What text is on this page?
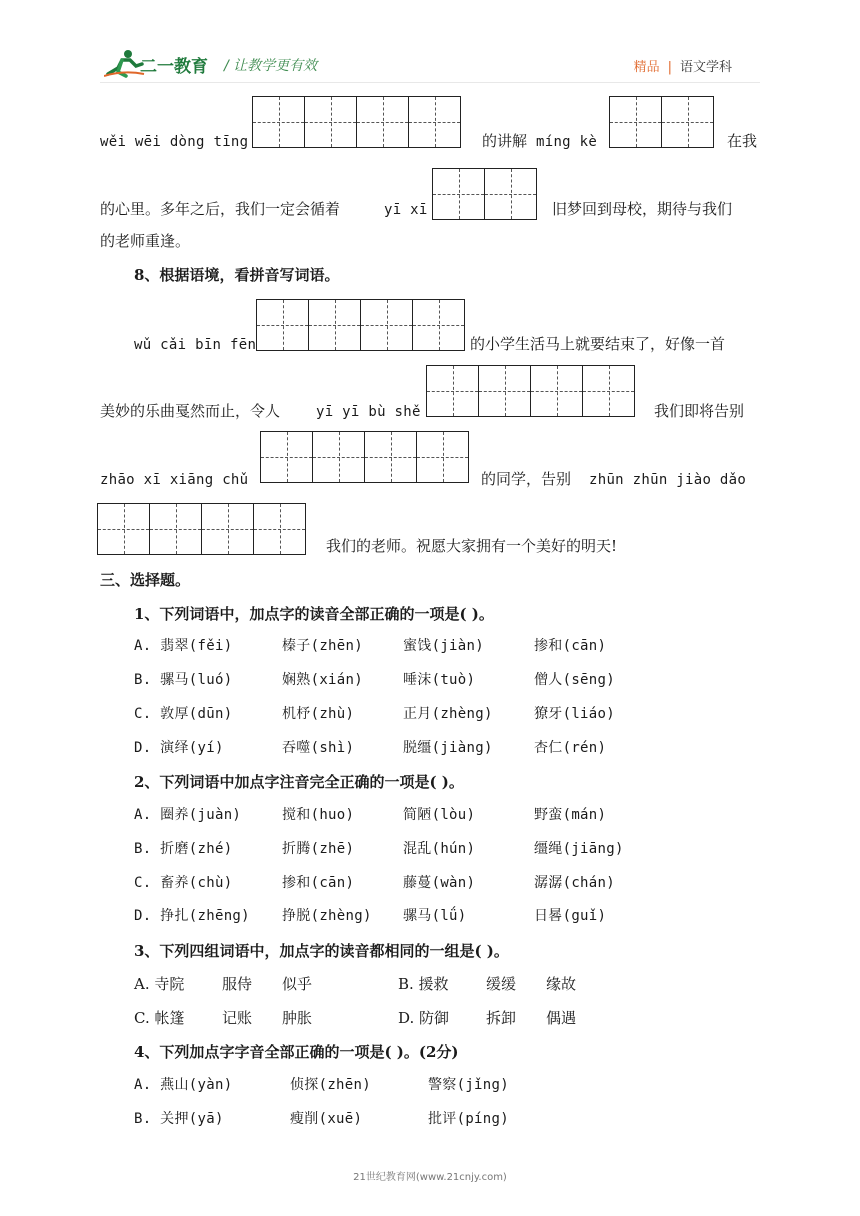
二一教育 / 让教学更有效	精品 | 语文学科
wěi wēi dòng tīng	的讲解 míng kè	在我
的心里。多年之后，我们一定会循着	yī xī	旧梦回到母校，期待与我们
的老师重逢。
8、根据语境，看拼音写词语。
wǔ cǎi bīn fēn	的小学生活马上就要结束了，好像一首
美妙的乐曲戛然而止，令人	yī yī bù shě	我们即将告别
zhāo xī xiāng chǔ	的同学，告别 zhūn zhūn jiào dǎo
我们的老师。祝愿大家拥有一个美好的明天!
三、选择题。
1、下列词语中，加点字的读音全部正确的一项是( )。
A. 翡翠(fěi)	榛子(zhēn)	蜜饯(jiàn)	掺和(cān)
B. 骡马(luó)	娴熟(xián)	唾沫(tuò)	僧人(sēng)
C. 敦厚(dūn)	机杼(zhù)	正月(zhèng)	獠牙(liáo)
D. 演绎(yí)	吞噬(shì)	脱缰(jiàng)	杏仁(rén)
2、下列词语中加点字注音完全正确的一项是( )。
A. 圈养(juàn)	搅和(huo)	简陋(lòu)	野蛮(mán)
B. 折磨(zhé)	折腾(zhē)	混乱(hún)	缰绳(jiāng)
C. 畜养(chù)	掺和(cān)	藤蔓(wàn)	潺潺(chán)
D. 挣扎(zhēng) 挣脱(zhèng) 骡马(lǘ)	日晷(guǐ)
3、下列四组词语中，加点字的读音都相同的一组是( )。
A. 寺院	服侍 似乎	B. 援救 缓缓 缘故
C. 帐篷	记账 肿胀	D. 防御 拆卸 偶遇
4、下列加点字字音全部正确的一项是( )。(2分)
A. 燕山(yàn)	侦探(zhēn)	警察(jǐng)
B. 关押(yā)	瘦削(xuē)	批评(píng)
21世纪教育网(www.21cnjy.com)
